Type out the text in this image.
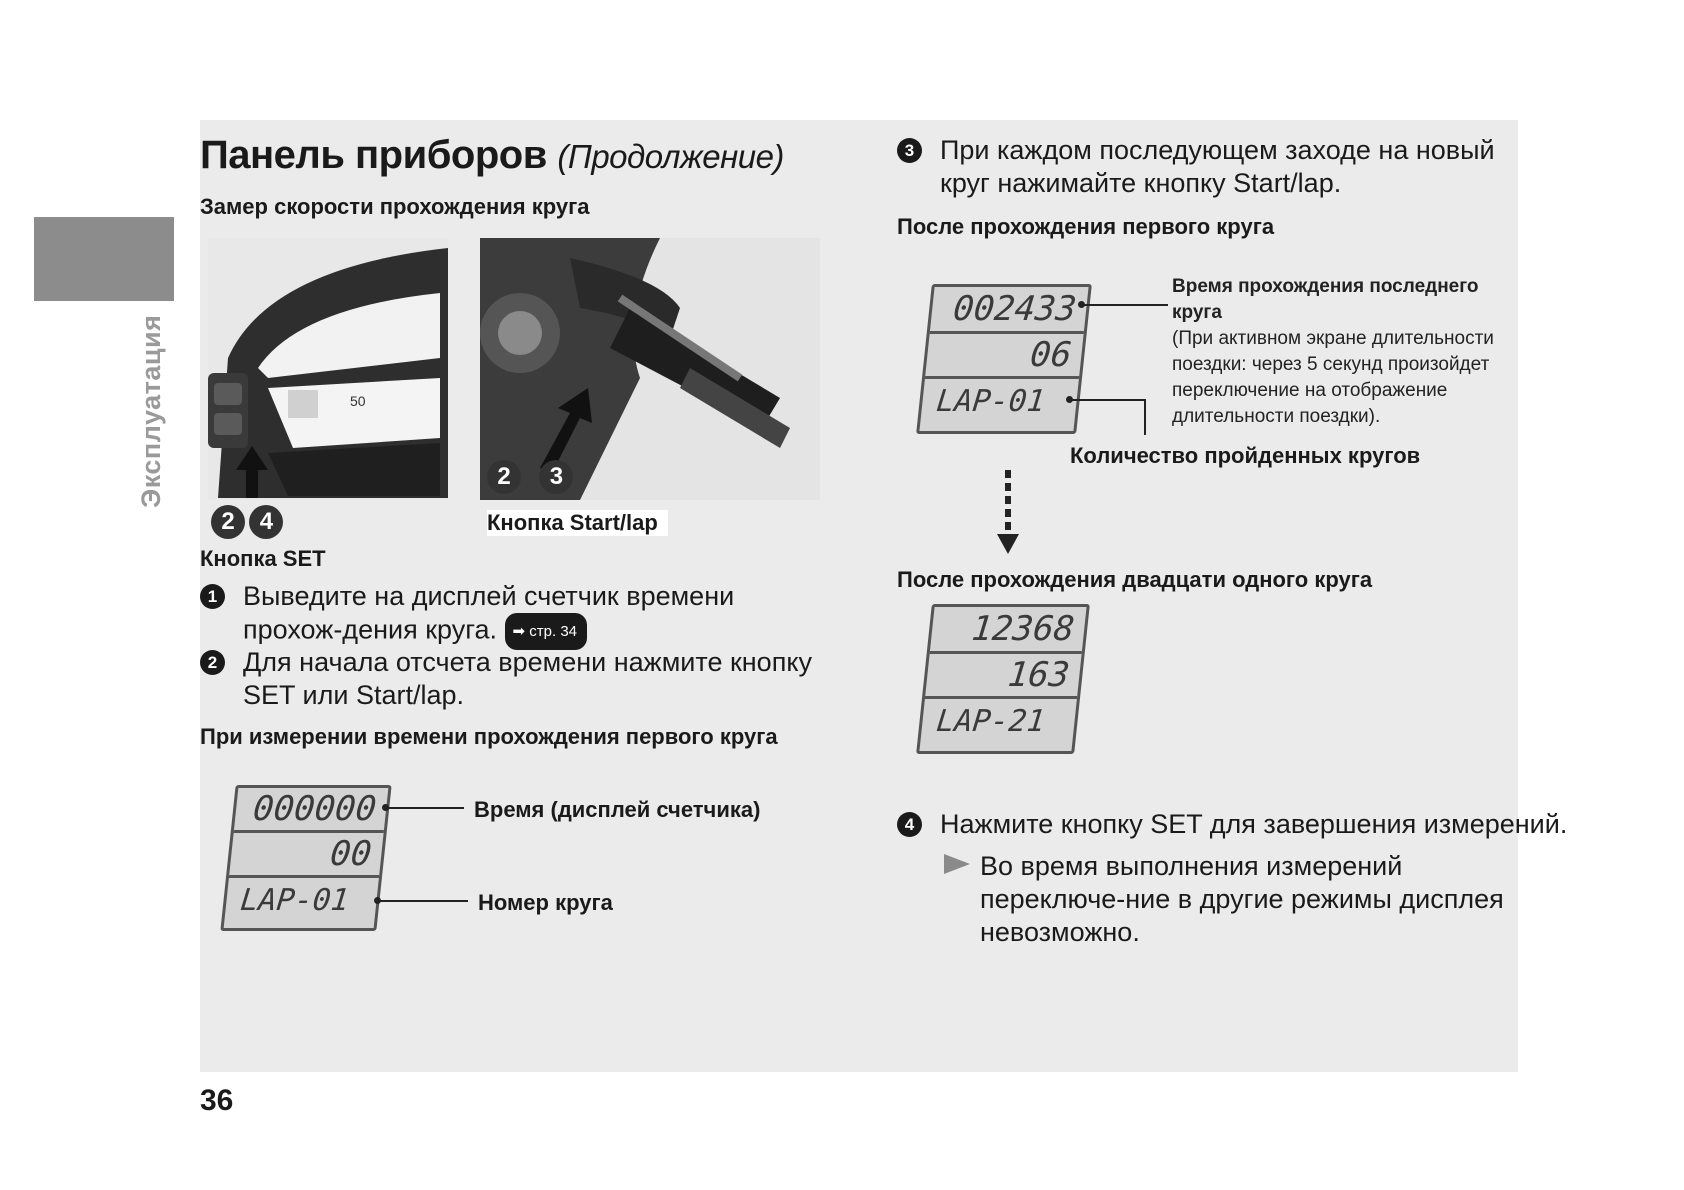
Эксплуатация
Панель приборов (Продолжение)
Замер скорости прохождения круга
50
2 4
Кнопка SET
2 3
Кнопка Start/lap
1 Выведите на дисплей счетчик времени прохож-дения круга. ➡︎ стр. 34
2 Для начала отсчета времени нажмите кнопку SET или Start/lap.
При измерении времени прохождения первого круга
000000
00
LAP-01
Время (дисплей счетчика)
Номер круга
3 При каждом последующем заходе на новый круг нажимайте кнопку Start/lap.
После прохождения первого круга
002433
06
LAP-01
Время прохождения последнего круга
(При активном экране длительности поездки: через 5 секунд произойдет переключение на отображение длительности поездки).
Количество пройденных кругов
После прохождения двадцати одного круга
12368
163
LAP-21
4 Нажмите кнопку SET для завершения измерений.
Во время выполнения измерений переключе-ние в другие режимы дисплея невозможно.
36
